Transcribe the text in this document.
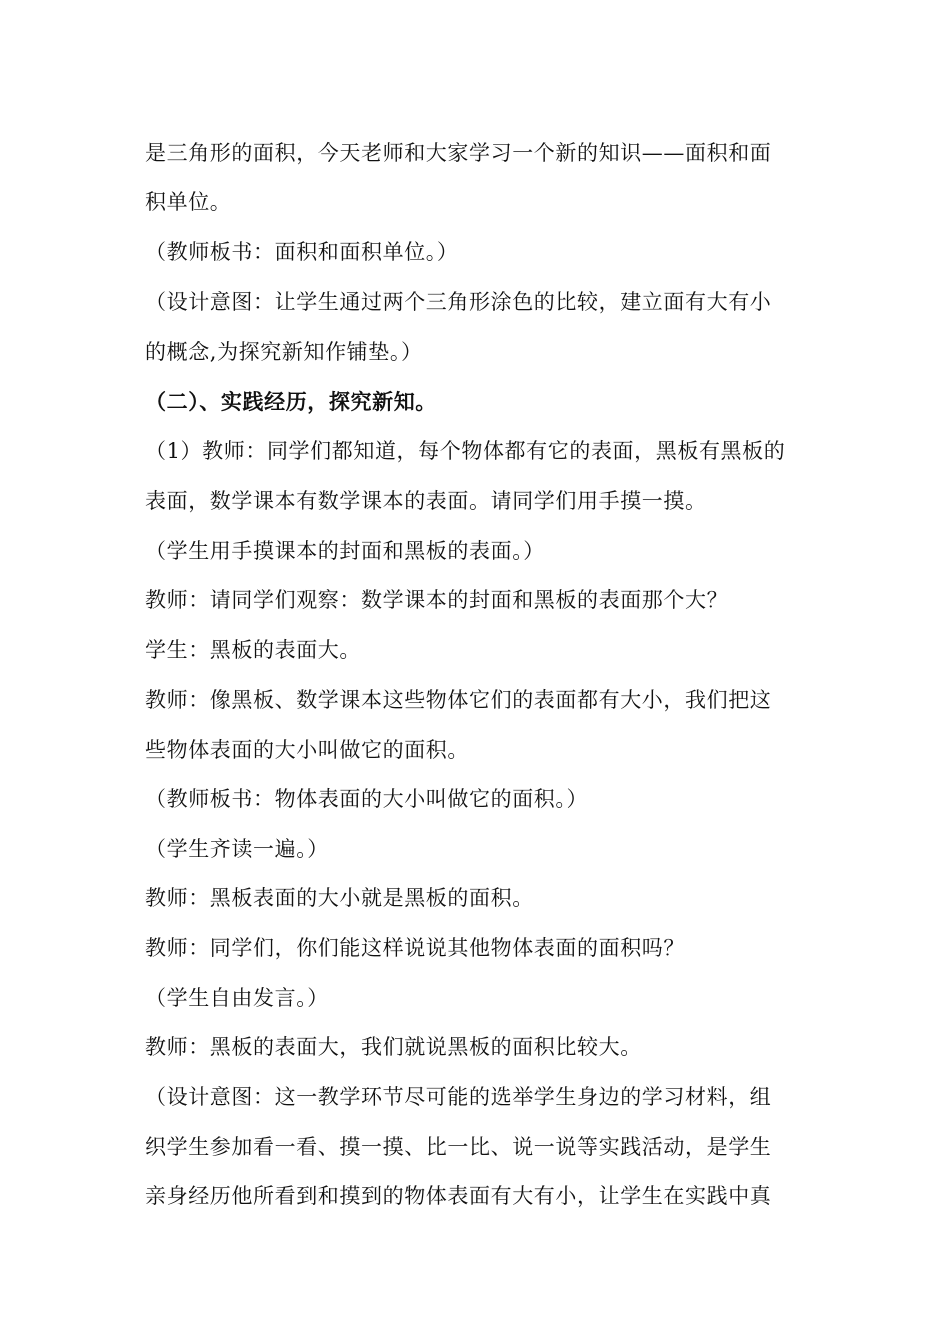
是三角形的面积，今天老师和大家学习一个新的知识——面积和面
积单位。
（教师板书：面积和面积单位。）
（设计意图：让学生通过两个三角形涂色的比较，建立面有大有小
的概念,为探究新知作铺垫。）
（二）、实践经历，探究新知。
（1）教师：同学们都知道，每个物体都有它的表面，黑板有黑板的
表面，数学课本有数学课本的表面。请同学们用手摸一摸。
（学生用手摸课本的封面和黑板的表面。）
教师：请同学们观察：数学课本的封面和黑板的表面那个大？
学生：黑板的表面大。
教师：像黑板、数学课本这些物体它们的表面都有大小，我们把这
些物体表面的大小叫做它的面积。
（教师板书：物体表面的大小叫做它的面积。）
（学生齐读一遍。）
教师：黑板表面的大小就是黑板的面积。
教师：同学们，你们能这样说说其他物体表面的面积吗？
（学生自由发言。）
教师：黑板的表面大，我们就说黑板的面积比较大。
（设计意图：这一教学环节尽可能的选举学生身边的学习材料，组
织学生参加看一看、摸一摸、比一比、说一说等实践活动，是学生
亲身经历他所看到和摸到的物体表面有大有小，让学生在实践中真
